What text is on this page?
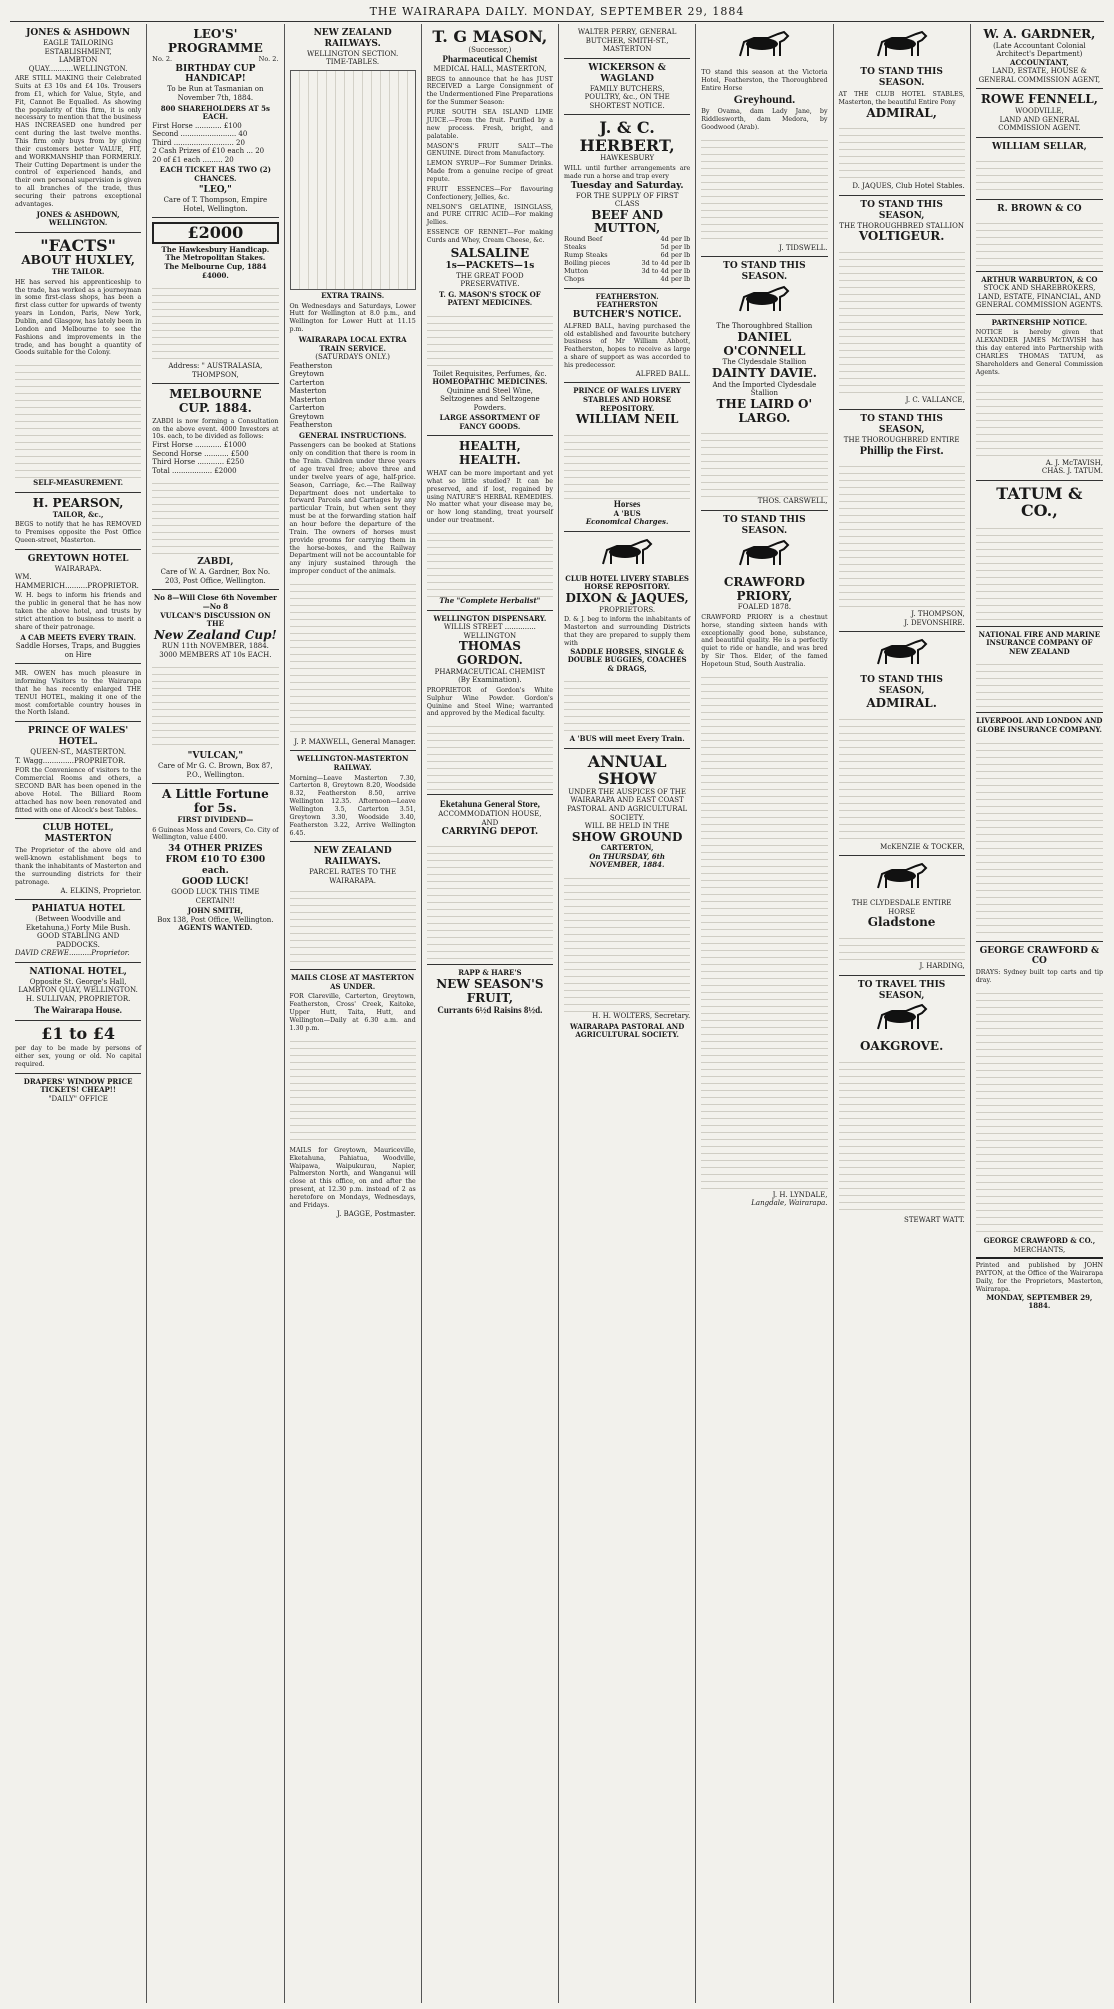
THE WAIRARAPA DAILY. MONDAY, SEPTEMBER 29, 1884
JONES & ASHDOWN
EAGLE TAILORING ESTABLISHMENT,
LAMBTON QUAY...........WELLINGTON.
ARE STILL MAKING their Celebrated Suits at £3 10s and £4 10s. Trousers from £1, which for Value, Style, and Fit, Cannot Be Equalled. As showing the popularity of this firm, it is only necessary to mention that the business HAS INCREASED one hundred per cent during the last twelve months. This firm only buys from by giving their customers better VALUE, FIT, and WORKMANSHIP than FORMERLY. Their Cutting Department is under the control of experienced hands, and their own personal supervision is given to all branches of the trade, thus securing their patrons exceptional advantages.
JONES & ASHDOWN, WELLINGTON.
"FACTS"
ABOUT HUXLEY,
THE TAILOR.
HE has served his apprenticeship to the trade, has worked as a journeyman in some first-class shops, has been a first class cutter for upwards of twenty years in London, Paris, New York, Dublin, and Glasgow, has lately been in London and Melbourne to see the Fashions and improvements in the trade, and has bought a quantity of Goods suitable for the Colony.
SELF-MEASUREMENT.
H. PEARSON,
TAILOR, &c.,
BEGS to notify that he has REMOVED to Premises opposite the Post Office Queen-street, Masterton.
GREYTOWN HOTEL
WAIRARAPA.
WM. HAMMERICH..........PROPRIETOR.
W. H. begs to inform his friends and the public in general that he has now taken the above hotel, and trusts by strict attention to business to merit a share of their patronage.
A CAB MEETS EVERY TRAIN.
Saddle Horses, Traps, and Buggies on Hire
MR. OWEN has much pleasure in informing Visitors to the Wairarapa that he has recently enlarged THE TENUI HOTEL, making it one of the most comfortable country houses in the North Island.
PRINCE OF WALES' HOTEL.
QUEEN-ST., MASTERTON.
T. Wagg..............PROPRIETOR.
FOR the Convenience of visitors to the Commercial Rooms and others, a SECOND BAR has been opened in the above Hotel. The Billiard Room attached has now been renovated and fitted with one of Alcock's best Tables.
CLUB HOTEL, MASTERTON
The Proprietor of the above old and well-known establishment begs to thank the inhabitants of Masterton and the surrounding districts for their patronage.
A. ELKINS, Proprietor.
PAHIATUA HOTEL
(Between Woodville and Eketahuna,) Forty Mile Bush.
GOOD STABLING AND PADDOCKS.
DAVID CREWE..........Proprietor.
NATIONAL HOTEL,
Opposite St. George's Hall, LAMBTON QUAY, WELLINGTON.
H. SULLIVAN, PROPRIETOR.
The Wairarapa House.
£1 to £4
per day to be made by persons of either sex, young or old. No capital required.
DRAPERS' WINDOW PRICE TICKETS! CHEAP!!
"DAILY" OFFICE
LEO'S' PROGRAMME
No. 2.	No. 2.
BIRTHDAY CUP HANDICAP!
To be Run at Tasmanian on November 7th, 1884.
800 SHAREHOLDERS AT 5s EACH.
First Horse ............ £100
Second ......................... 40
Third ........................... 20
2 Cash Prizes of £10 each ... 20
20 of £1 each ......... 20
EACH TICKET HAS TWO (2) CHANCES.
"LEO,"
Care of T. Thompson, Empire Hotel, Wellington.
£2000
The Hawkesbury Handicap.
The Metropolitan Stakes.
The Melbourne Cup, 1884 £4000.
Address: " AUSTRALASIA, THOMPSON,
MELBOURNE CUP. 1884.
ZABDI is now forming a Consultation on the above event. 4000 Investors at 10s. each, to be divided as follows:
First Horse ............ £1000
Second Horse ........... £500
Third Horse ............ £250
Total .................. £2000
ZABDI,
Care of W. A. Gardner, Box No. 203, Post Office, Wellington.
No 8—Will Close 6th November—No 8
VULCAN'S DISCUSSION ON THE
New Zealand Cup!
RUN 11th NOVEMBER, 1884.
3000 MEMBERS AT 10s EACH.
"VULCAN,"
Care of Mr G. C. Brown, Box 87, P.O., Wellington.
A Little Fortune for 5s.
FIRST DIVIDEND—
6 Guineas Moss and Covers, Co. City of Wellington, value £400.
34 OTHER PRIZES FROM £10 TO £300 each.
GOOD LUCK!
GOOD LUCK THIS TIME CERTAIN!!
JOHN SMITH,
Box 138, Post Office, Wellington.
AGENTS WANTED.
NEW ZEALAND RAILWAYS.
WELLINGTON SECTION.
TIME-TABLES.
EXTRA TRAINS.
On Wednesdays and Saturdays, Lower Hutt for Wellington at 8.0 p.m., and Wellington for Lower Hutt at 11.15 p.m.
WAIRARAPA LOCAL EXTRA TRAIN SERVICE.
(SATURDAYS ONLY.)
Featherston
Greytown
Carterton
Masterton
Masterton
Carterton
Greytown
Featherston
GENERAL INSTRUCTIONS.
Passengers can be booked at Stations only on condition that there is room in the Train. Children under three years of age travel free; above three and under twelve years of age, half-price. Season, Carriage, &c.—The Railway Department does not undertake to forward Parcels and Carriages by any particular Train, but when sent they must be at the forwarding station half an hour before the departure of the Train. The owners of horses must provide grooms for carrying them in the horse-boxes, and the Railway Department will not be accountable for any injury sustained through the improper conduct of the animals.
J. P. MAXWELL, General Manager.
WELLINGTON-MASTERTON RAILWAY.
Morning—Leave Masterton 7.30, Carterton 8, Greytown 8.20, Woodside 8.32, Featherston 8.50, arrive Wellington 12.35. Afternoon—Leave Wellington 3.5, Carterton 3.51, Greytown 3.30, Woodside 3.40, Featherston 3.22, Arrive Wellington 6.45.
NEW ZEALAND RAILWAYS.
PARCEL RATES TO THE WAIRARAPA.
MAILS CLOSE AT MASTERTON AS UNDER.
FOR Clareville, Carterton, Greytown, Featherston, Cross' Creek, Kaitoke, Upper Hutt, Taita, Hutt, and Wellington—Daily at 6.30 a.m. and 1.30 p.m.
MAILS for Greytown, Mauriceville, Eketahuna, Pahiatua, Woodville, Waipawa, Waipukurau, Napier, Palmerston North, and Wanganui will close at this office, on and after the present, at 12.30 p.m. instead of 2 as heretofore on Mondays, Wednesdays, and Fridays.
J. BAGGE, Postmaster.
T. G MASON,
(Successor,)
Pharmaceutical Chemist
MEDICAL HALL, MASTERTON,
BEGS to announce that he has JUST RECEIVED a Large Consignment of the Undermentioned Fine Preparations for the Summer Season:
PURE SOUTH SEA ISLAND LIME JUICE.—From the fruit. Purified by a new process. Fresh, bright, and palatable.
MASON'S FRUIT SALT—The GENUINE. Direct from Manufactory.
LEMON SYRUP—For Summer Drinks. Made from a genuine recipe of great repute.
FRUIT ESSENCES—For flavouring Confectionery, Jellies, &c.
NELSON'S GELATINE, ISINGLASS, and PURE CITRIC ACID—For making Jellies.
ESSENCE OF RENNET—For making Curds and Whey, Cream Cheese, &c.
SALSALINE
1s—PACKETS—1s
THE GREAT FOOD PRESERVATIVE.
T. G. MASON'S STOCK OF PATENT MEDICINES.
Toilet Requisites, Perfumes, &c.
HOMEOPATHIC MEDICINES.
Quinine and Steel Wine, Seltzogenes and Seltzogene Powders.
LARGE ASSORTMENT OF FANCY GOODS.
HEALTH, HEALTH.
WHAT can be more important and yet what so little studied? It can be preserved, and if lost, regained by using NATURE'S HERBAL REMEDIES. No matter what your disease may be, or how long standing, treat yourself under our treatment.
The "Complete Herbalist"
WELLINGTON DISPENSARY.
WILLIS STREET .............. WELLINGTON
THOMAS GORDON.
PHARMACEUTICAL CHEMIST
(By Examination).
PROPRIETOR of Gordon's White Sulphur Wine Powder. Gordon's Quinine and Steel Wine; warranted and approved by the Medical faculty.
Eketahuna General Store,
ACCOMMODATION HOUSE,
AND
CARRYING DEPOT.
RAPP & HARE'S
NEW SEASON'S FRUIT,
Currants 6½d Raisins 8½d.
WALTER PERRY, GENERAL BUTCHER, SMITH-ST., MASTERTON
WICKERSON & WAGLAND
FAMILY BUTCHERS,
POULTRY, &c., ON THE SHORTEST NOTICE.
J. & C. HERBERT,
HAWKESBURY
WILL until further arrangements are made run a horse and trap every
Tuesday and Saturday.
FOR THE SUPPLY OF FIRST CLASS
BEEF AND MUTTON,
Round Beef	4d per lb
Steaks	5d per lb
Rump Steaks	6d per lb
Boiling pieces	3d to 4d per lb
Mutton	3d to 4d per lb
Chops	4d per lb
FEATHERSTON. FEATHERSTON
BUTCHER'S NOTICE.
ALFRED BALL, having purchased the old established and favourite butchery business of Mr William Abbott, Featherston, hopes to receive as large a share of support as was accorded to his predecessor.
ALFRED BALL.
PRINCE OF WALES LIVERY STABLES AND HORSE REPOSITORY.
WILLIAM NEIL
Horses
A 'BUS
Economical Charges.
CLUB HOTEL LIVERY STABLES
HORSE REPOSITORY.
DIXON & JAQUES,
PROPRIETORS.
D. & J. beg to inform the inhabitants of Masterton and surrounding Districts that they are prepared to supply them with
SADDLE HORSES, SINGLE & DOUBLE BUGGIES, COACHES & DRAGS,
A 'BUS will meet Every Train.
ANNUAL SHOW
UNDER THE AUSPICES OF THE WAIRARAPA AND EAST COAST PASTORAL AND AGRICULTURAL SOCIETY.
WILL BE HELD IN THE
SHOW GROUND
CARTERTON,
On THURSDAY, 6th NOVEMBER, 1884.
H. H. WOLTERS, Secretary.
WAIRARAPA PASTORAL AND AGRICULTURAL SOCIETY.
TO stand this season at the Victoria Hotel, Featherston, the Thoroughbred Entire Horse
Greyhound.
By Ovama, dam Lady Jane, by Riddlesworth, dam Medora, by Goodwood (Arab).
J. TIDSWELL.
TO STAND THIS SEASON.
The Thoroughbred Stallion
DANIEL O'CONNELL
The Clydesdale Stallion
DAINTY DAVIE.
And the Imported Clydesdale Stallion
THE LAIRD O' LARGO.
THOS. CARSWELL,
TO STAND THIS SEASON.
CRAWFORD PRIORY,
FOALED 1878.
CRAWFORD PRIORY is a chestnut horse, standing sixteen hands with exceptionally good bone, substance, and beautiful quality. He is a perfectly quiet to ride or handle, and was bred by Sir Thos. Elder, of the famed Hopetoun Stud, South Australia.
J. H. LYNDALE,
Langdale, Wairarapa.
TO STAND THIS SEASON.
AT THE CLUB HOTEL STABLES, Masterton, the beautiful Entire Pony
ADMIRAL,
D. JAQUES, Club Hotel Stables.
TO STAND THIS SEASON,
THE THOROUGHBRED STALLION
VOLTIGEUR.
J. C. VALLANCE,
TO STAND THIS SEASON,
THE THOROUGHBRED ENTIRE
Phillip the First.
J. THOMPSON,
J. DEVONSHIRE.
TO STAND THIS SEASON,
ADMIRAL.
McKENZIE & TOCKER,
THE CLYDESDALE ENTIRE HORSE
Gladstone
J. HARDING,
TO TRAVEL THIS SEASON,
OAKGROVE.
STEWART WATT.
W. A. GARDNER,
(Late Accountant Colonial Architect's Department)
ACCOUNTANT,
LAND, ESTATE, HOUSE & GENERAL COMMISSION AGENT,
ROWE FENNELL,
WOODVILLE,
LAND AND GENERAL COMMISSION AGENT.
WILLIAM SELLAR,
R. BROWN & CO
ARTHUR WARBURTON, & CO
STOCK AND SHAREBROKERS, LAND, ESTATE, FINANCIAL, AND GENERAL COMMISSION AGENTS.
PARTNERSHIP NOTICE.
NOTICE is hereby given that ALEXANDER JAMES McTAVISH has this day entered into Partnership with CHARLES THOMAS TATUM, as Shareholders and General Commission Agents.
A. J. McTAVISH,
CHAS. J. TATUM.
TATUM & CO.,
NATIONAL FIRE AND MARINE INSURANCE COMPANY OF NEW ZEALAND
LIVERPOOL AND LONDON AND GLOBE INSURANCE COMPANY.
GEORGE CRAWFORD & CO
DRAYS: Sydney built top carts and tip dray.
GEORGE CRAWFORD & CO.,
MERCHANTS,
Printed and published by JOHN PAYTON, at the Office of the Wairarapa Daily, for the Proprietors, Masterton, Wairarapa.
MONDAY, SEPTEMBER 29, 1884.
